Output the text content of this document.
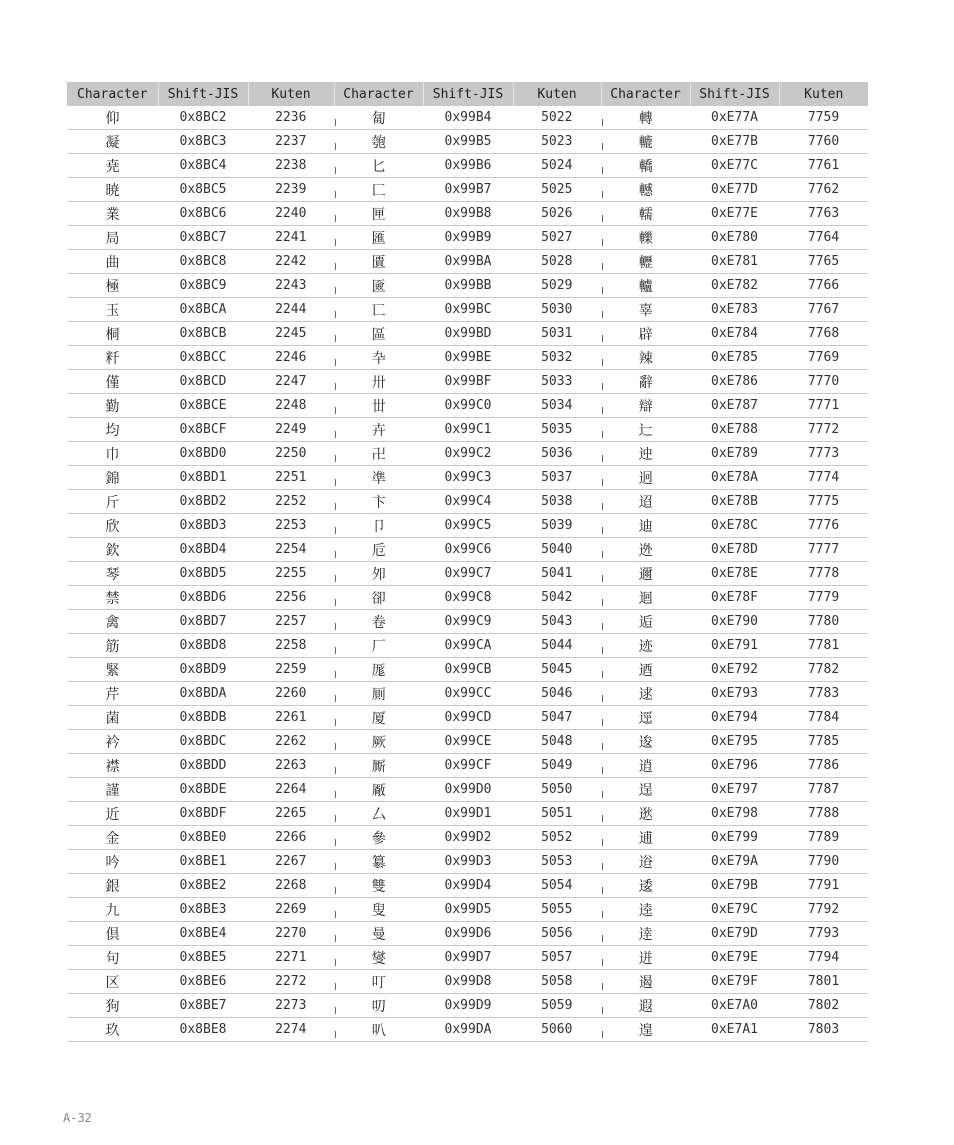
Character	Shift-JIS	Kuten	Character	Shift-JIS	Kuten	Character	Shift-JIS	Kuten
仰	0x8BC2	2236	匐	0x99B4	5022	轉	0xE77A	7759
凝	0x8BC3	2237	匏	0x99B5	5023	轆	0xE77B	7760
尭	0x8BC4	2238	匕	0x99B6	5024	轎	0xE77C	7761
暁	0x8BC5	2239	匚	0x99B7	5025	轗	0xE77D	7762
業	0x8BC6	2240	匣	0x99B8	5026	轜	0xE77E	7763
局	0x8BC7	2241	匯	0x99B9	5027	轢	0xE780	7764
曲	0x8BC8	2242	匱	0x99BA	5028	轣	0xE781	7765
極	0x8BC9	2243	匳	0x99BB	5029	轤	0xE782	7766
玉	0x8BCA	2244	匸	0x99BC	5030	辜	0xE783	7767
桐	0x8BCB	2245	區	0x99BD	5031	辟	0xE784	7768
粁	0x8BCC	2246	卆	0x99BE	5032	辣	0xE785	7769
僅	0x8BCD	2247	卅	0x99BF	5033	辭	0xE786	7770
勤	0x8BCE	2248	丗	0x99C0	5034	辯	0xE787	7771
均	0x8BCF	2249	卉	0x99C1	5035	辷	0xE788	7772
巾	0x8BD0	2250	卍	0x99C2	5036	迚	0xE789	7773
錦	0x8BD1	2251	凖	0x99C3	5037	迥	0xE78A	7774
斤	0x8BD2	2252	卞	0x99C4	5038	迢	0xE78B	7775
欣	0x8BD3	2253	卩	0x99C5	5039	迪	0xE78C	7776
欽	0x8BD4	2254	卮	0x99C6	5040	迯	0xE78D	7777
琴	0x8BD5	2255	夘	0x99C7	5041	邇	0xE78E	7778
禁	0x8BD6	2256	卻	0x99C8	5042	迴	0xE78F	7779
禽	0x8BD7	2257	卷	0x99C9	5043	逅	0xE790	7780
筋	0x8BD8	2258	厂	0x99CA	5044	迹	0xE791	7781
緊	0x8BD9	2259	厖	0x99CB	5045	迺	0xE792	7782
芹	0x8BDA	2260	厠	0x99CC	5046	逑	0xE793	7783
菌	0x8BDB	2261	厦	0x99CD	5047	逕	0xE794	7784
衿	0x8BDC	2262	厥	0x99CE	5048	逡	0xE795	7785
襟	0x8BDD	2263	厮	0x99CF	5049	逍	0xE796	7786
謹	0x8BDE	2264	厰	0x99D0	5050	逞	0xE797	7787
近	0x8BDF	2265	厶	0x99D1	5051	逖	0xE798	7788
金	0x8BE0	2266	參	0x99D2	5052	逋	0xE799	7789
吟	0x8BE1	2267	簒	0x99D3	5053	逧	0xE79A	7790
銀	0x8BE2	2268	雙	0x99D4	5054	逶	0xE79B	7791
九	0x8BE3	2269	叟	0x99D5	5055	逵	0xE79C	7792
倶	0x8BE4	2270	曼	0x99D6	5056	逹	0xE79D	7793
句	0x8BE5	2271	燮	0x99D7	5057	迸	0xE79E	7794
区	0x8BE6	2272	叮	0x99D8	5058	遏	0xE79F	7801
狗	0x8BE7	2273	叨	0x99D9	5059	遐	0xE7A0	7802
玖	0x8BE8	2274	叭	0x99DA	5060	遑	0xE7A1	7803
A-32
